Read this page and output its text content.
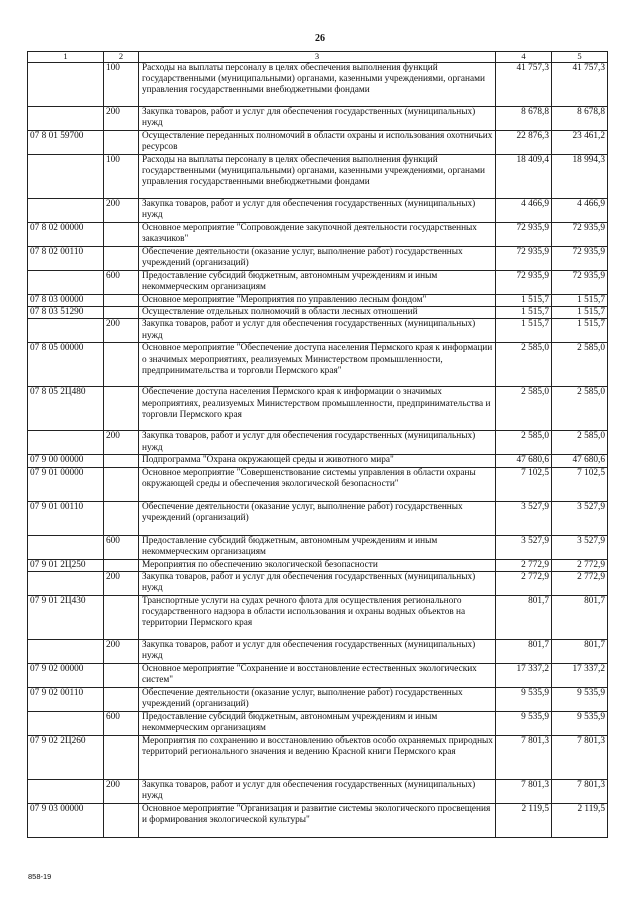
26
1	2	3	4	5
	100	Расходы на выплаты персоналу в целях обеспечения выполнения функций государственными (муниципальными) органами, казенными учреждениями, органами управления государственными внебюджетными фондами	41 757,3	41 757,3
	200	Закупка товаров, работ и услуг для обеспечения государственных (муниципальных) нужд	8 678,8	8 678,8
07 8 01 59700		Осуществление переданных полномочий в области охраны и использования охотничьих ресурсов	22 876,3	23 461,2
	100	Расходы на выплаты персоналу в целях обеспечения выполнения функций государственными (муниципальными) органами, казенными учреждениями, органами управления государственными внебюджетными фондами	18 409,4	18 994,3
	200	Закупка товаров, работ и услуг для обеспечения государственных (муниципальных) нужд	4 466,9	4 466,9
07 8 02 00000		Основное мероприятие "Сопровождение закупочной деятельности государственных заказчиков"	72 935,9	72 935,9
07 8 02 00110		Обеспечение деятельности (оказание услуг, выполнение работ) государственных учреждений (организаций)	72 935,9	72 935,9
	600	Предоставление субсидий бюджетным, автономным учреждениям и иным некоммерческим организациям	72 935,9	72 935,9
07 8 03 00000		Основное мероприятие "Мероприятия по управлению лесным фондом"	1 515,7	1 515,7
07 8 03 51290		Осуществление отдельных полномочий в области лесных отношений	1 515,7	1 515,7
	200	Закупка товаров, работ и услуг для обеспечения государственных (муниципальных) нужд	1 515,7	1 515,7
07 8 05 00000		Основное мероприятие "Обеспечение доступа населения Пермского края к информации о значимых мероприятиях, реализуемых Министерством промышленности, предпринимательства и торговли Пермского края"	2 585,0	2 585,0
07 8 05 2Ц480		Обеспечение доступа населения Пермского края к информации о значимых мероприятиях, реализуемых Министерством промышленности, предпринимательства и торговли Пермского края	2 585,0	2 585,0
	200	Закупка товаров, работ и услуг для обеспечения государственных (муниципальных) нужд	2 585,0	2 585,0
07 9 00 00000		Подпрограмма "Охрана окружающей среды и животного мира"	47 680,6	47 680,6
07 9 01 00000		Основное мероприятие "Совершенствование системы управления в области охраны окружающей среды и обеспечения экологической безопасности"	7 102,5	7 102,5
07 9 01 00110		Обеспечение деятельности (оказание услуг, выполнение работ) государственных учреждений (организаций)	3 527,9	3 527,9
	600	Предоставление субсидий бюджетным, автономным учреждениям и иным некоммерческим организациям	3 527,9	3 527,9
07 9 01 2Ц250		Мероприятия по обеспечению экологической безопасности	2 772,9	2 772,9
	200	Закупка товаров, работ и услуг для обеспечения государственных (муниципальных) нужд	2 772,9	2 772,9
07 9 01 2Ц430		Транспортные услуги на судах речного флота для осуществления регионального государственного надзора в области использования и охраны водных объектов на территории Пермского края	801,7	801,7
	200	Закупка товаров, работ и услуг для обеспечения государственных (муниципальных) нужд	801,7	801,7
07 9 02 00000		Основное мероприятие "Сохранение и восстановление естественных экологических систем"	17 337,2	17 337,2
07 9 02 00110		Обеспечение деятельности (оказание услуг, выполнение работ) государственных учреждений (организаций)	9 535,9	9 535,9
	600	Предоставление субсидий бюджетным, автономным учреждениям и иным некоммерческим организациям	9 535,9	9 535,9
07 9 02 2Ц260		Мероприятия по сохранению и восстановлению объектов особо охраняемых природных территорий регионального значения и ведению Красной книги Пермского края	7 801,3	7 801,3
	200	Закупка товаров, работ и услуг для обеспечения государственных (муниципальных) нужд	7 801,3	7 801,3
07 9 03 00000		Основное мероприятие "Организация и развитие системы экологического просвещения и формирования экологической культуры"	2 119,5	2 119,5
858-19
